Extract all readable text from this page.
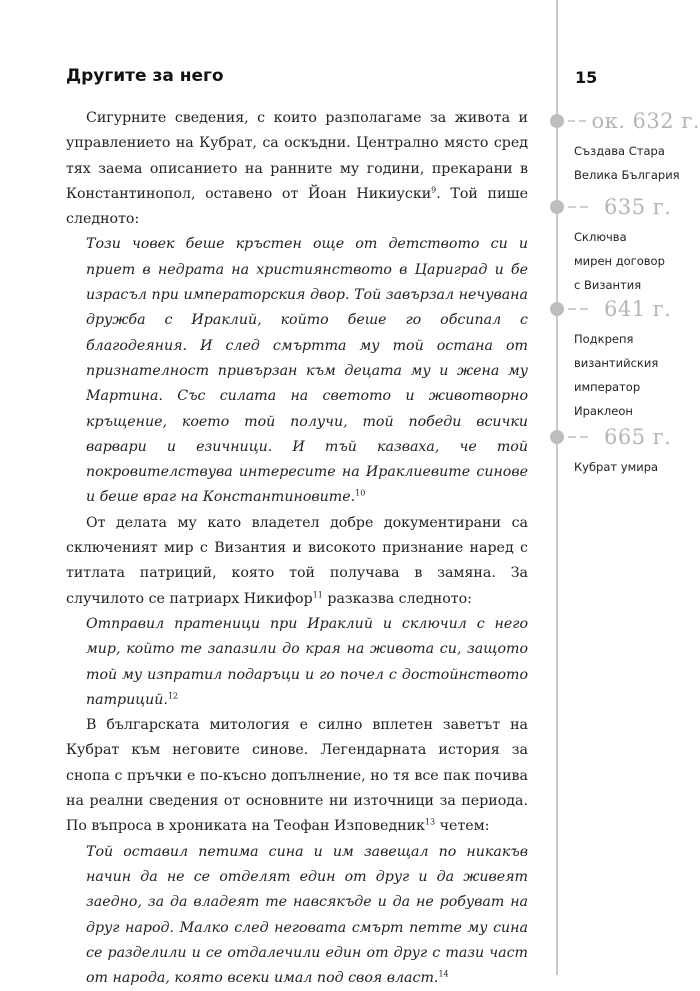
Другите за него	15

Сигурните сведения, с които разполагаме за живота и управлението на Кубрат, са оскъдни. Централно място сред тях заема описанието на ранните му години, прекарани в Константинопол, оставено от Йоан Никиуски$^9$. Той пише следното:

Този човек беше кръстен още от детството си и приет в недрата на християнството в Цариград и бе израсъл при императорския двор. Той завързал нечувана дружба с Ираклий, който беше го обсипал с благодеяния. И след смъртта му той остана от признателност привързан към децата му и жена му Мартина. Със силата на светото и животворно кръщение, което той получи, той победи всички варвари и езичници. И тъй казваха, че той покровителствува интересите на Ираклиевите синове и беше враг на Константиновите.$^{10}$

От делата му като владетел добре документирани са сключеният мир с Византия и високото признание наред с титлата патриций, която той получава в замяна. За случилото се патриарх Никифор$^{11}$ разказва следното:

Отправил пратеници при Ираклий и сключил с него мир, който те запазили до края на живота си, защото той му изпратил подаръци и го почел с достойнството патриций.$^{12}$

В българската митология е силно вплетен заветът на Кубрат към неговите синове. Легендарната история за снопа с пръчки е по-късно допълнение, но тя все пак почива на реални сведения от основните ни източници за периода. По въпроса в хрониката на Теофан Изповедник$^{13}$ четем:

Той оставил петима сина и им завещал по никакъв начин да не се отделят един от друг и да живеят заедно, за да владеят те навсякъде и да не робуват на друг народ. Малко след неговата смърт петте му сина се разделили и се отдалечили един от друг с тази част от народа, която всеки имал под своя власт.$^{14}$

ок. 632 г.
Създава Стара
Велика България
635 г.
Сключва
мирен договор
с Византия
641 г.
Подкрепя
византийския
император
Ираклеон
665 г.
Кубрат умира
